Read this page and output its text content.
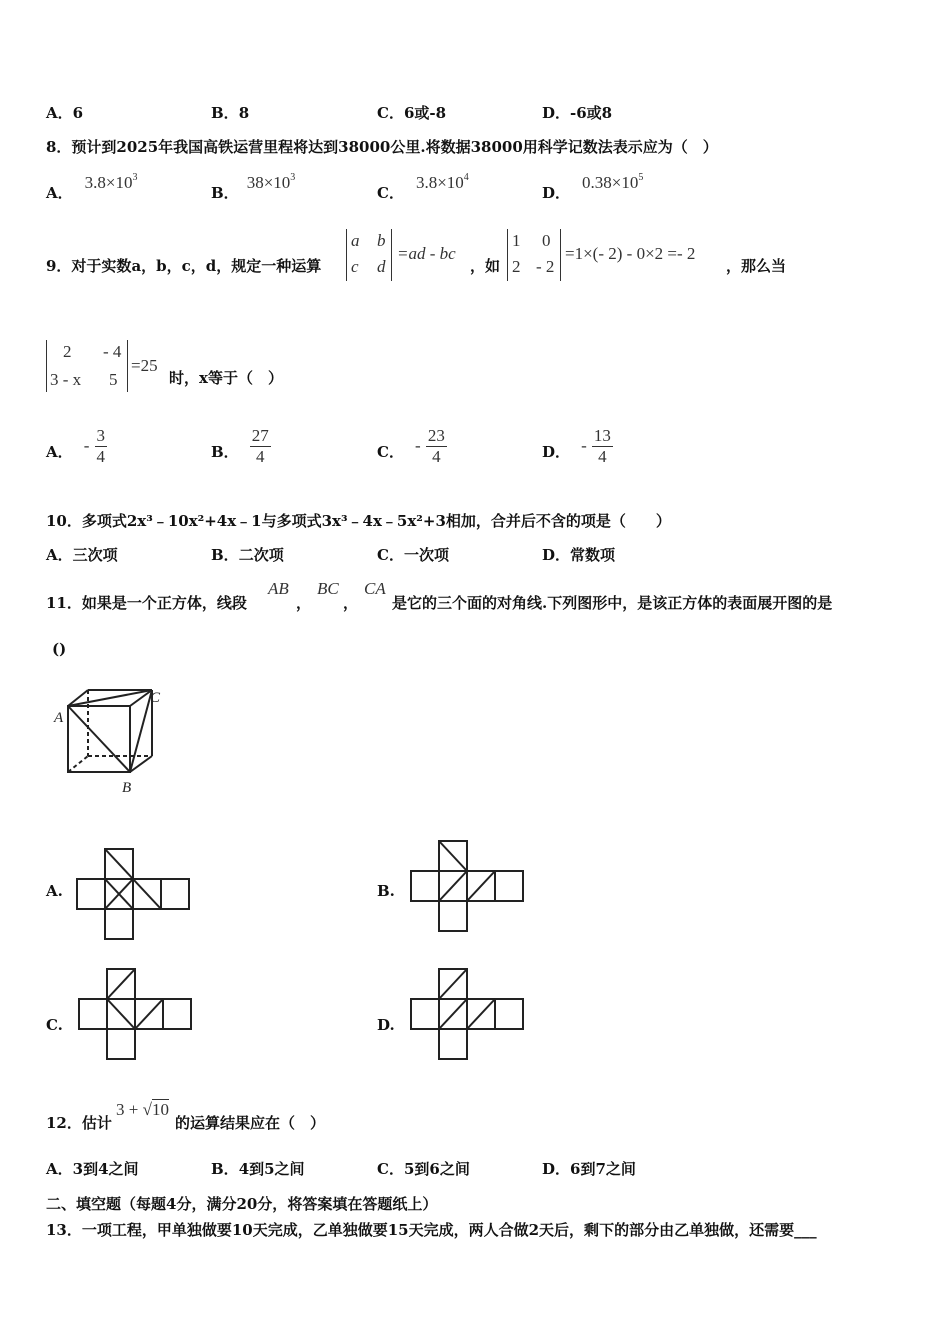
A．6	B．8	C．6或-8	D．-6或8
8．预计到2025年我国高铁运营里程将达到38000公里.将数据38000用科学记数法表示应为（　）
A．$3.8\times 10^3$
B．$38\times 10^3$
C．$3.8\times 10^4$
D．$0.38\times 10^5$
9．对于实数a，b，c，d，规定一种运算
a b
c d
=ad - bc
，如
1 0
2 - 2
=1×(- 2) - 0×2 =- 2
，那么当
2 - 4
3 - x 5
=25
时，x等于（　）
A． - $\frac{3}{4}$	B． $\frac{27}{4}$	C． - $\frac{23}{4}$	D． - $\frac{13}{4}$
10．多项式2x³﹣10x²+4x﹣1与多项式3x³﹣4x﹣5x²+3相加，合并后不含的项是（　　）
A．三次项	B．二次项	C．一次项	D．常数项
11．如果是一个正方体，线段
AB
，
BC
，
CA
是它的三个面的对角线.下列图形中，是该正方体的表面展开图的是
()
A
B
C
A.	B.
C.	D.
12．估计
3 + √10
的运算结果应在（　）
A．3到4之间	B．4到5之间	C．5到6之间	D．6到7之间
二、填空题（每题4分，满分20分，将答案填在答题纸上）
13．一项工程，甲单独做要10天完成，乙单独做要15天完成，两人合做2天后，剩下的部分由乙单独做，还需要___
